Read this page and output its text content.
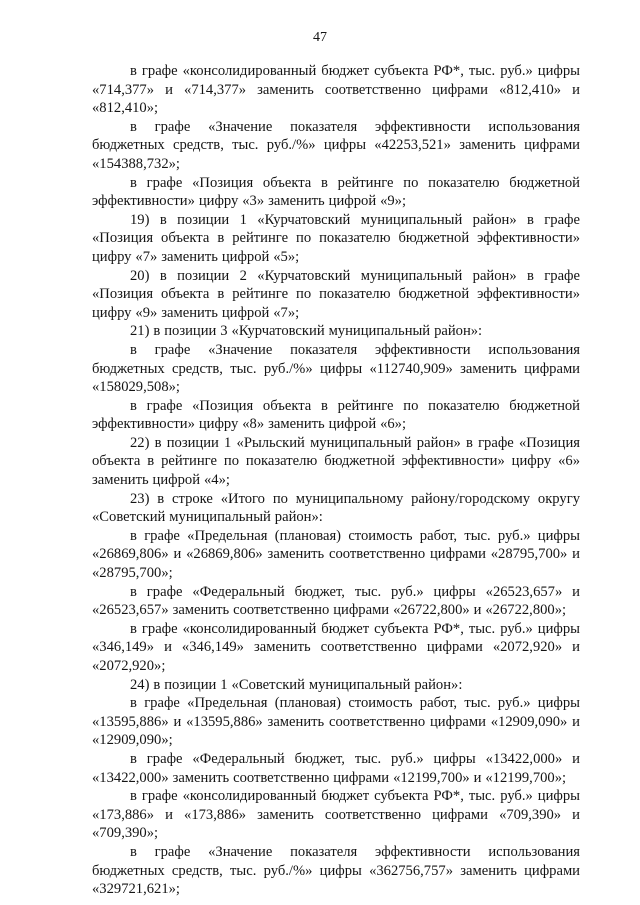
47

в графе «консолидированный бюджет субъекта РФ*, тыс. руб.» цифры «714,377» и «714,377» заменить соответственно цифрами «812,410» и «812,410»;

в графе «Значение показателя эффективности использования бюджетных средств, тыс. руб./%» цифры «42253,521» заменить цифрами «154388,732»;

в графе «Позиция объекта в рейтинге по показателю бюджетной эффективности» цифру «3» заменить цифрой «9»;

19) в позиции 1 «Курчатовский муниципальный район» в графе «Позиция объекта в рейтинге по показателю бюджетной эффективности» цифру «7» заменить цифрой «5»;

20) в позиции 2 «Курчатовский муниципальный район» в графе «Позиция объекта в рейтинге по показателю бюджетной эффективности» цифру «9» заменить цифрой «7»;

21) в позиции 3 «Курчатовский муниципальный район»:

в графе «Значение показателя эффективности использования бюджетных средств, тыс. руб./%» цифры «112740,909» заменить цифрами «158029,508»;

в графе «Позиция объекта в рейтинге по показателю бюджетной эффективности» цифру «8» заменить цифрой «6»;

22) в позиции 1 «Рыльский муниципальный район» в графе «Позиция объекта в рейтинге по показателю бюджетной эффективности» цифру «6» заменить цифрой «4»;

23) в строке «Итого по муниципальному району/городскому округу «Советский муниципальный район»:

в графе «Предельная (плановая) стоимость работ, тыс. руб.» цифры «26869,806» и «26869,806» заменить соответственно цифрами «28795,700» и «28795,700»;

в графе «Федеральный бюджет, тыс. руб.» цифры «26523,657» и «26523,657» заменить соответственно цифрами «26722,800» и «26722,800»;

в графе «консолидированный бюджет субъекта РФ*, тыс. руб.» цифры «346,149» и «346,149» заменить соответственно цифрами «2072,920» и «2072,920»;

24) в позиции 1 «Советский муниципальный район»:

в графе «Предельная (плановая) стоимость работ, тыс. руб.» цифры «13595,886» и «13595,886» заменить соответственно цифрами «12909,090» и «12909,090»;

в графе «Федеральный бюджет, тыс. руб.» цифры «13422,000» и «13422,000» заменить соответственно цифрами «12199,700» и «12199,700»;

в графе «консолидированный бюджет субъекта РФ*, тыс. руб.» цифры «173,886» и «173,886» заменить соответственно цифрами «709,390» и «709,390»;

в графе «Значение показателя эффективности использования бюджетных средств, тыс. руб./%» цифры «362756,757» заменить цифрами «329721,621»;
